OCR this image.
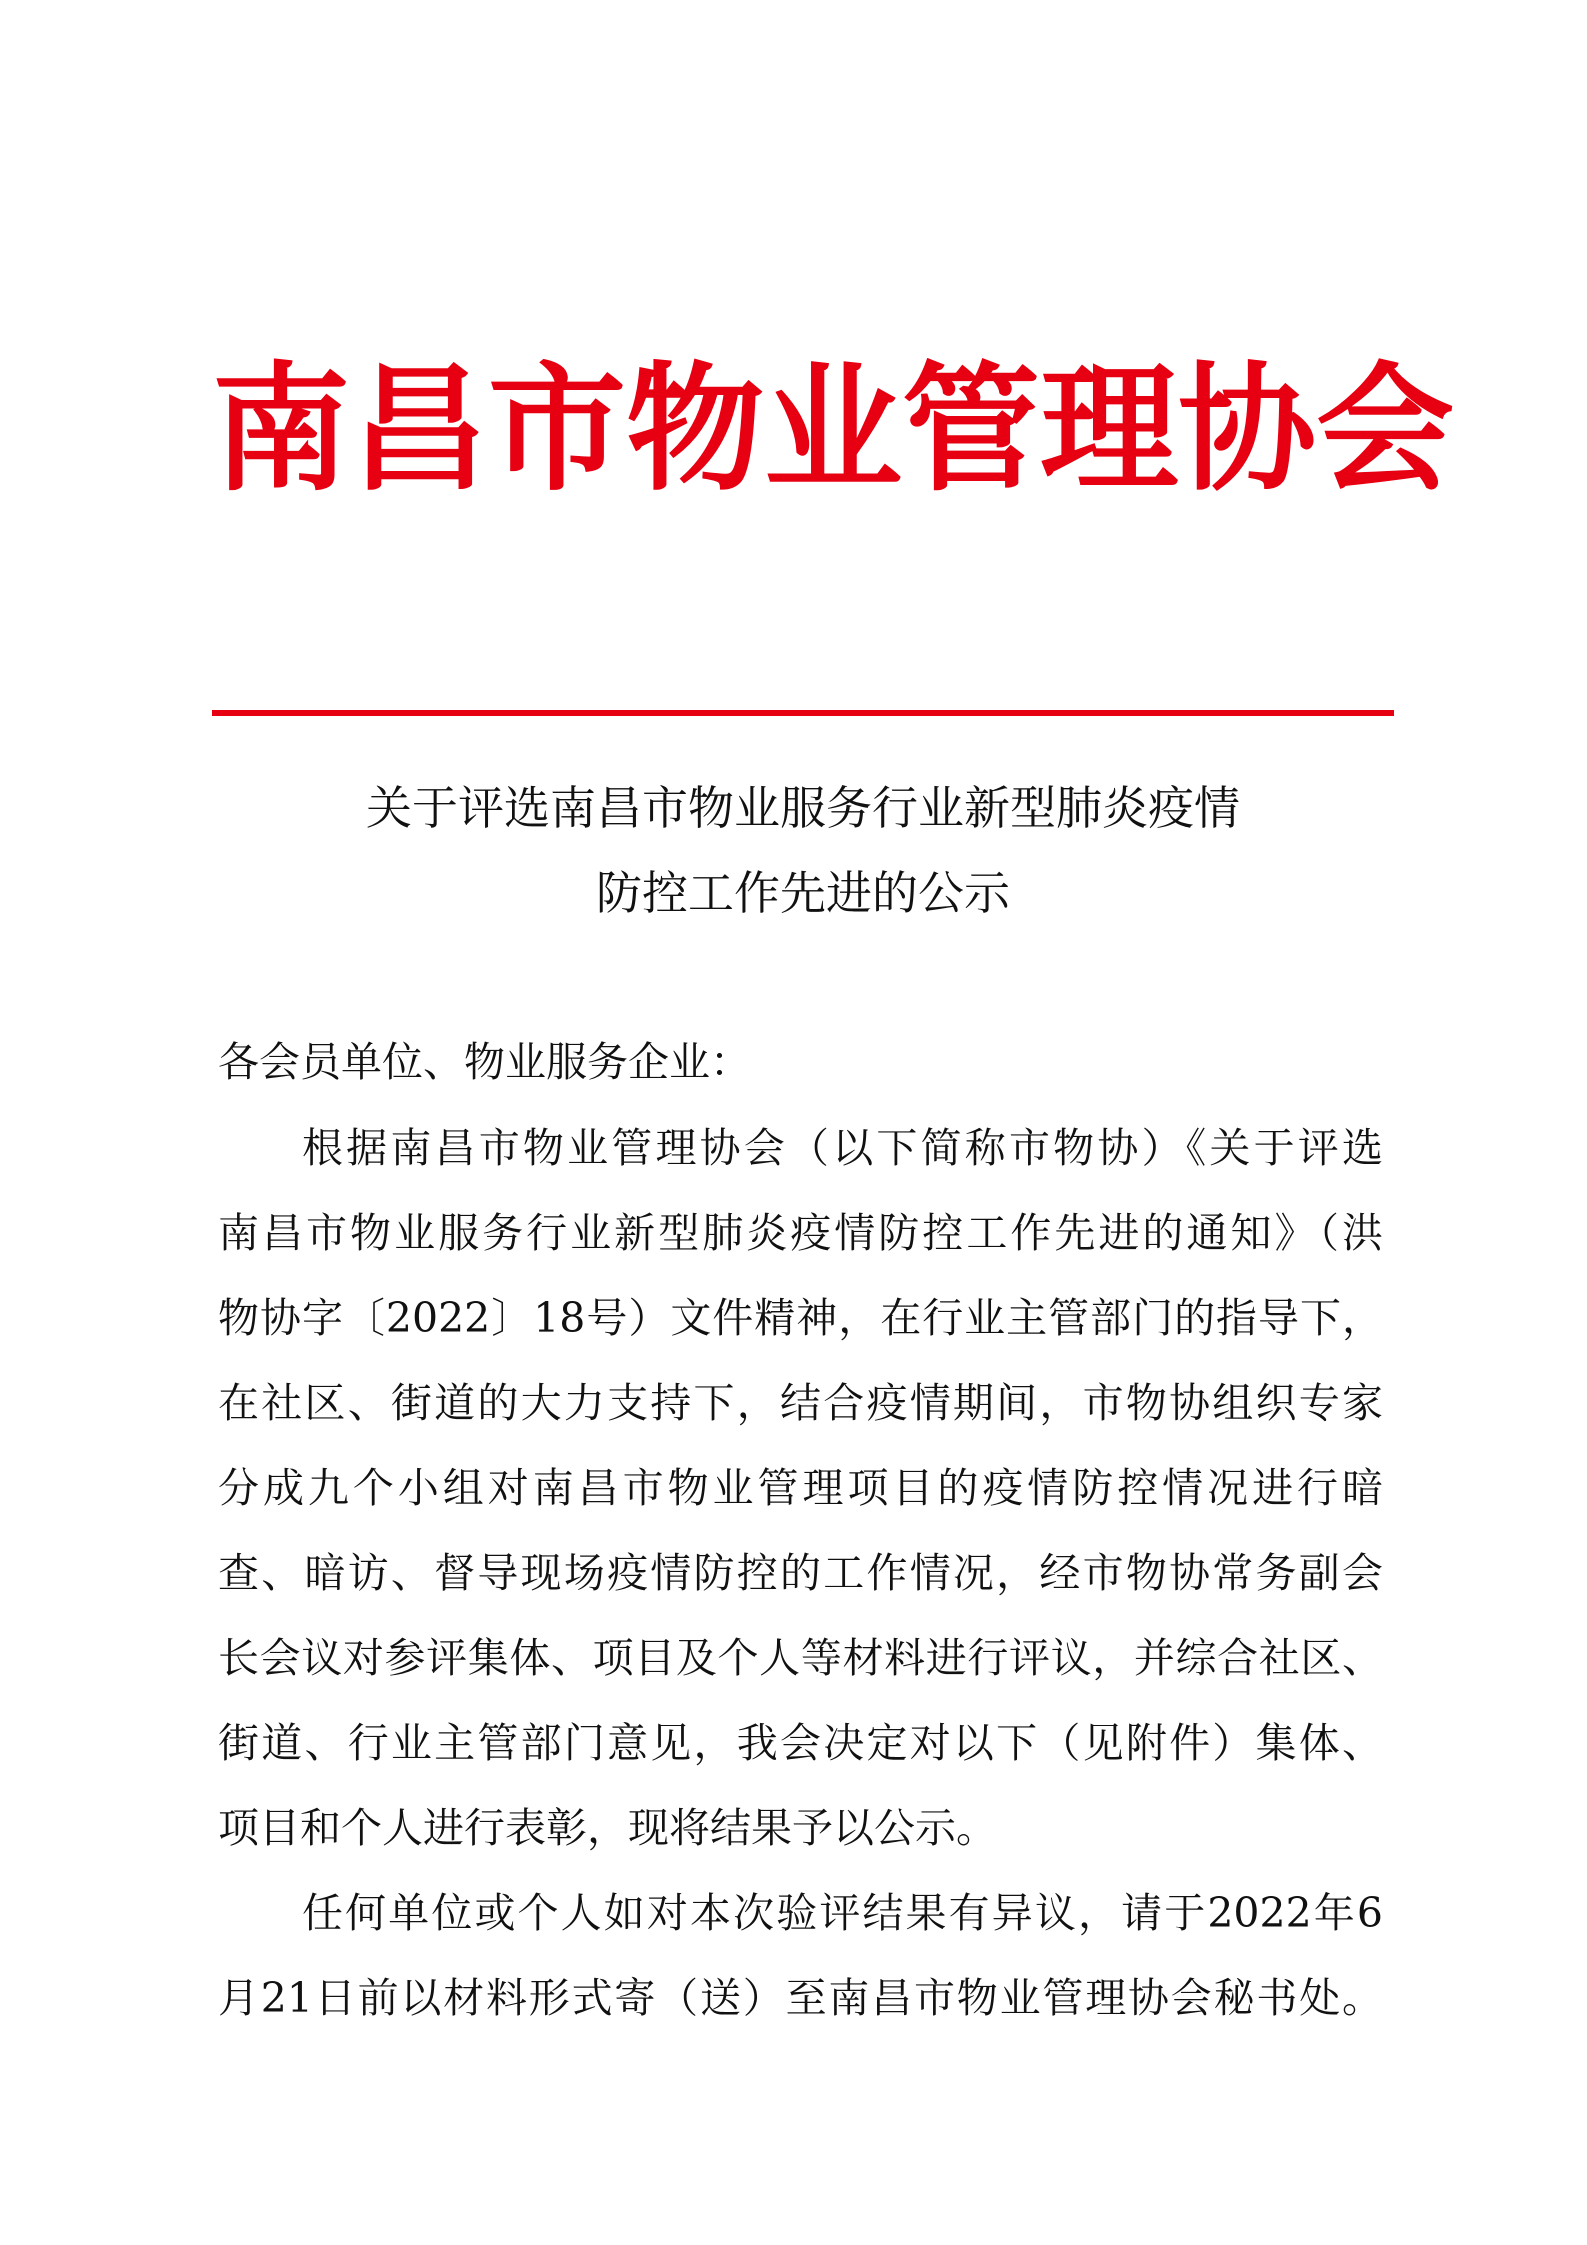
南 昌 市 物 业 管 理 协 会
关于评选南昌市物业服务行业新型肺炎疫情
防控工作先进的公示
各会员单位、物业服务企业：
根据南昌市物业管理协会（以下简称市物协）《关于评选
南昌市物业服务行业新型肺炎疫情防控工作先进的通知》（洪
物协字〔2022〕18号）文件精神，在行业主管部门的指导下，
在社区、街道的大力支持下，结合疫情期间，市物协组织专家
分成九个小组对南昌市物业管理项目的疫情防控情况进行暗
查、暗访、督导现场疫情防控的工作情况，经市物协常务副会
长会议对参评集体、项目及个人等材料进行评议，并综合社区、
街道、行业主管部门意见，我会决定对以下（见附件）集体、
项目和个人进行表彰，现将结果予以公示。
任何单位或个人如对本次验评结果有异议，请于2022年6
月21日前以材料形式寄（送）至南昌市物业管理协会秘书处。
